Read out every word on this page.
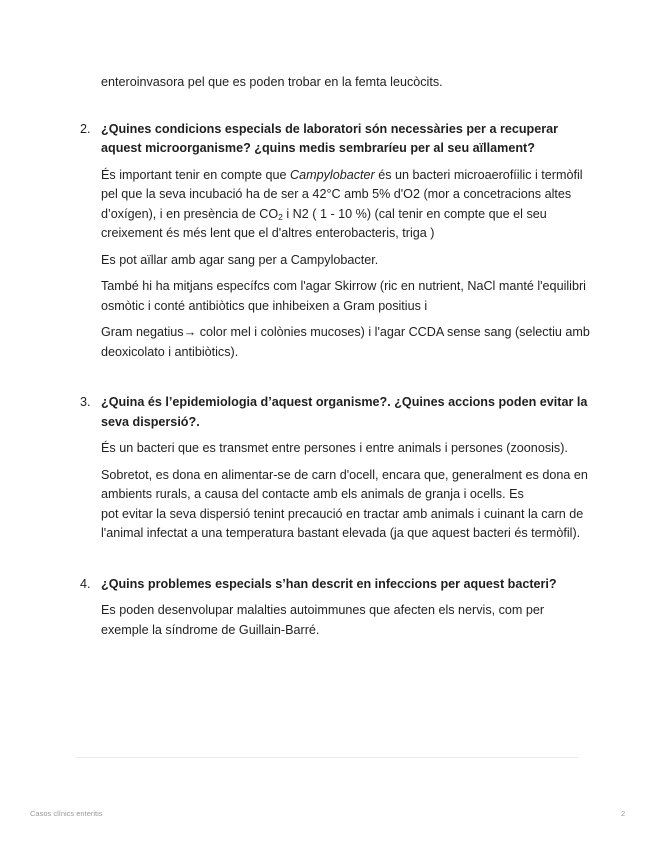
enteroinvasora pel que es poden trobar en la femta leucòcits.

2. ¿Quines condicions especials de laboratori són necessàries per a recuperar aquest microorganisme? ¿quins medis sembraríeu per al seu aïllament?

És important tenir en compte que Campylobacter és un bacteri microaerofíilic i termòfil pel que la seva incubació ha de ser a 42°C amb 5% d'O2 (mor a concetracions altes d’oxígen), i en presència de $CO_2$ i N2 ( 1 - 10 %) (cal tenir en compte que el seu creixement és més lent que el d'altres enterobacteris, triga )

Es pot aïllar amb agar sang per a Campylobacter.

També hi ha mitjans específcs com l'agar Skirrow (ric en nutrient, NaCl manté l'equilibri osmòtic i conté antibiòtics que inhibeixen a Gram positius i

Gram negatius→ color mel i colònies mucoses) i l'agar CCDA sense sang (selectiu amb deoxicolato i antibiòtics).

3. ¿Quina és l’epidemiologia d’aquest organisme?. ¿Quines accions poden evitar la seva dispersió?.

És un bacteri que es transmet entre persones i entre animals i persones (zoonosis).

Sobretot, es dona en alimentar-se de carn d'ocell, encara que, generalment es dona en ambients rurals, a causa del contacte amb els animals de granja i ocells. Es

pot evitar la seva dispersió tenint precaució en tractar amb animals i cuinant la carn de l'animal infectat a una temperatura bastant elevada (ja que aquest bacteri és termòfil).

4. ¿Quins problemes especials s’han descrit en infeccions per aquest bacteri?

Es poden desenvolupar malalties autoimmunes que afecten els nervis, com per exemple la síndrome de Guillain-Barré.

Casos clínics enteritis	2
